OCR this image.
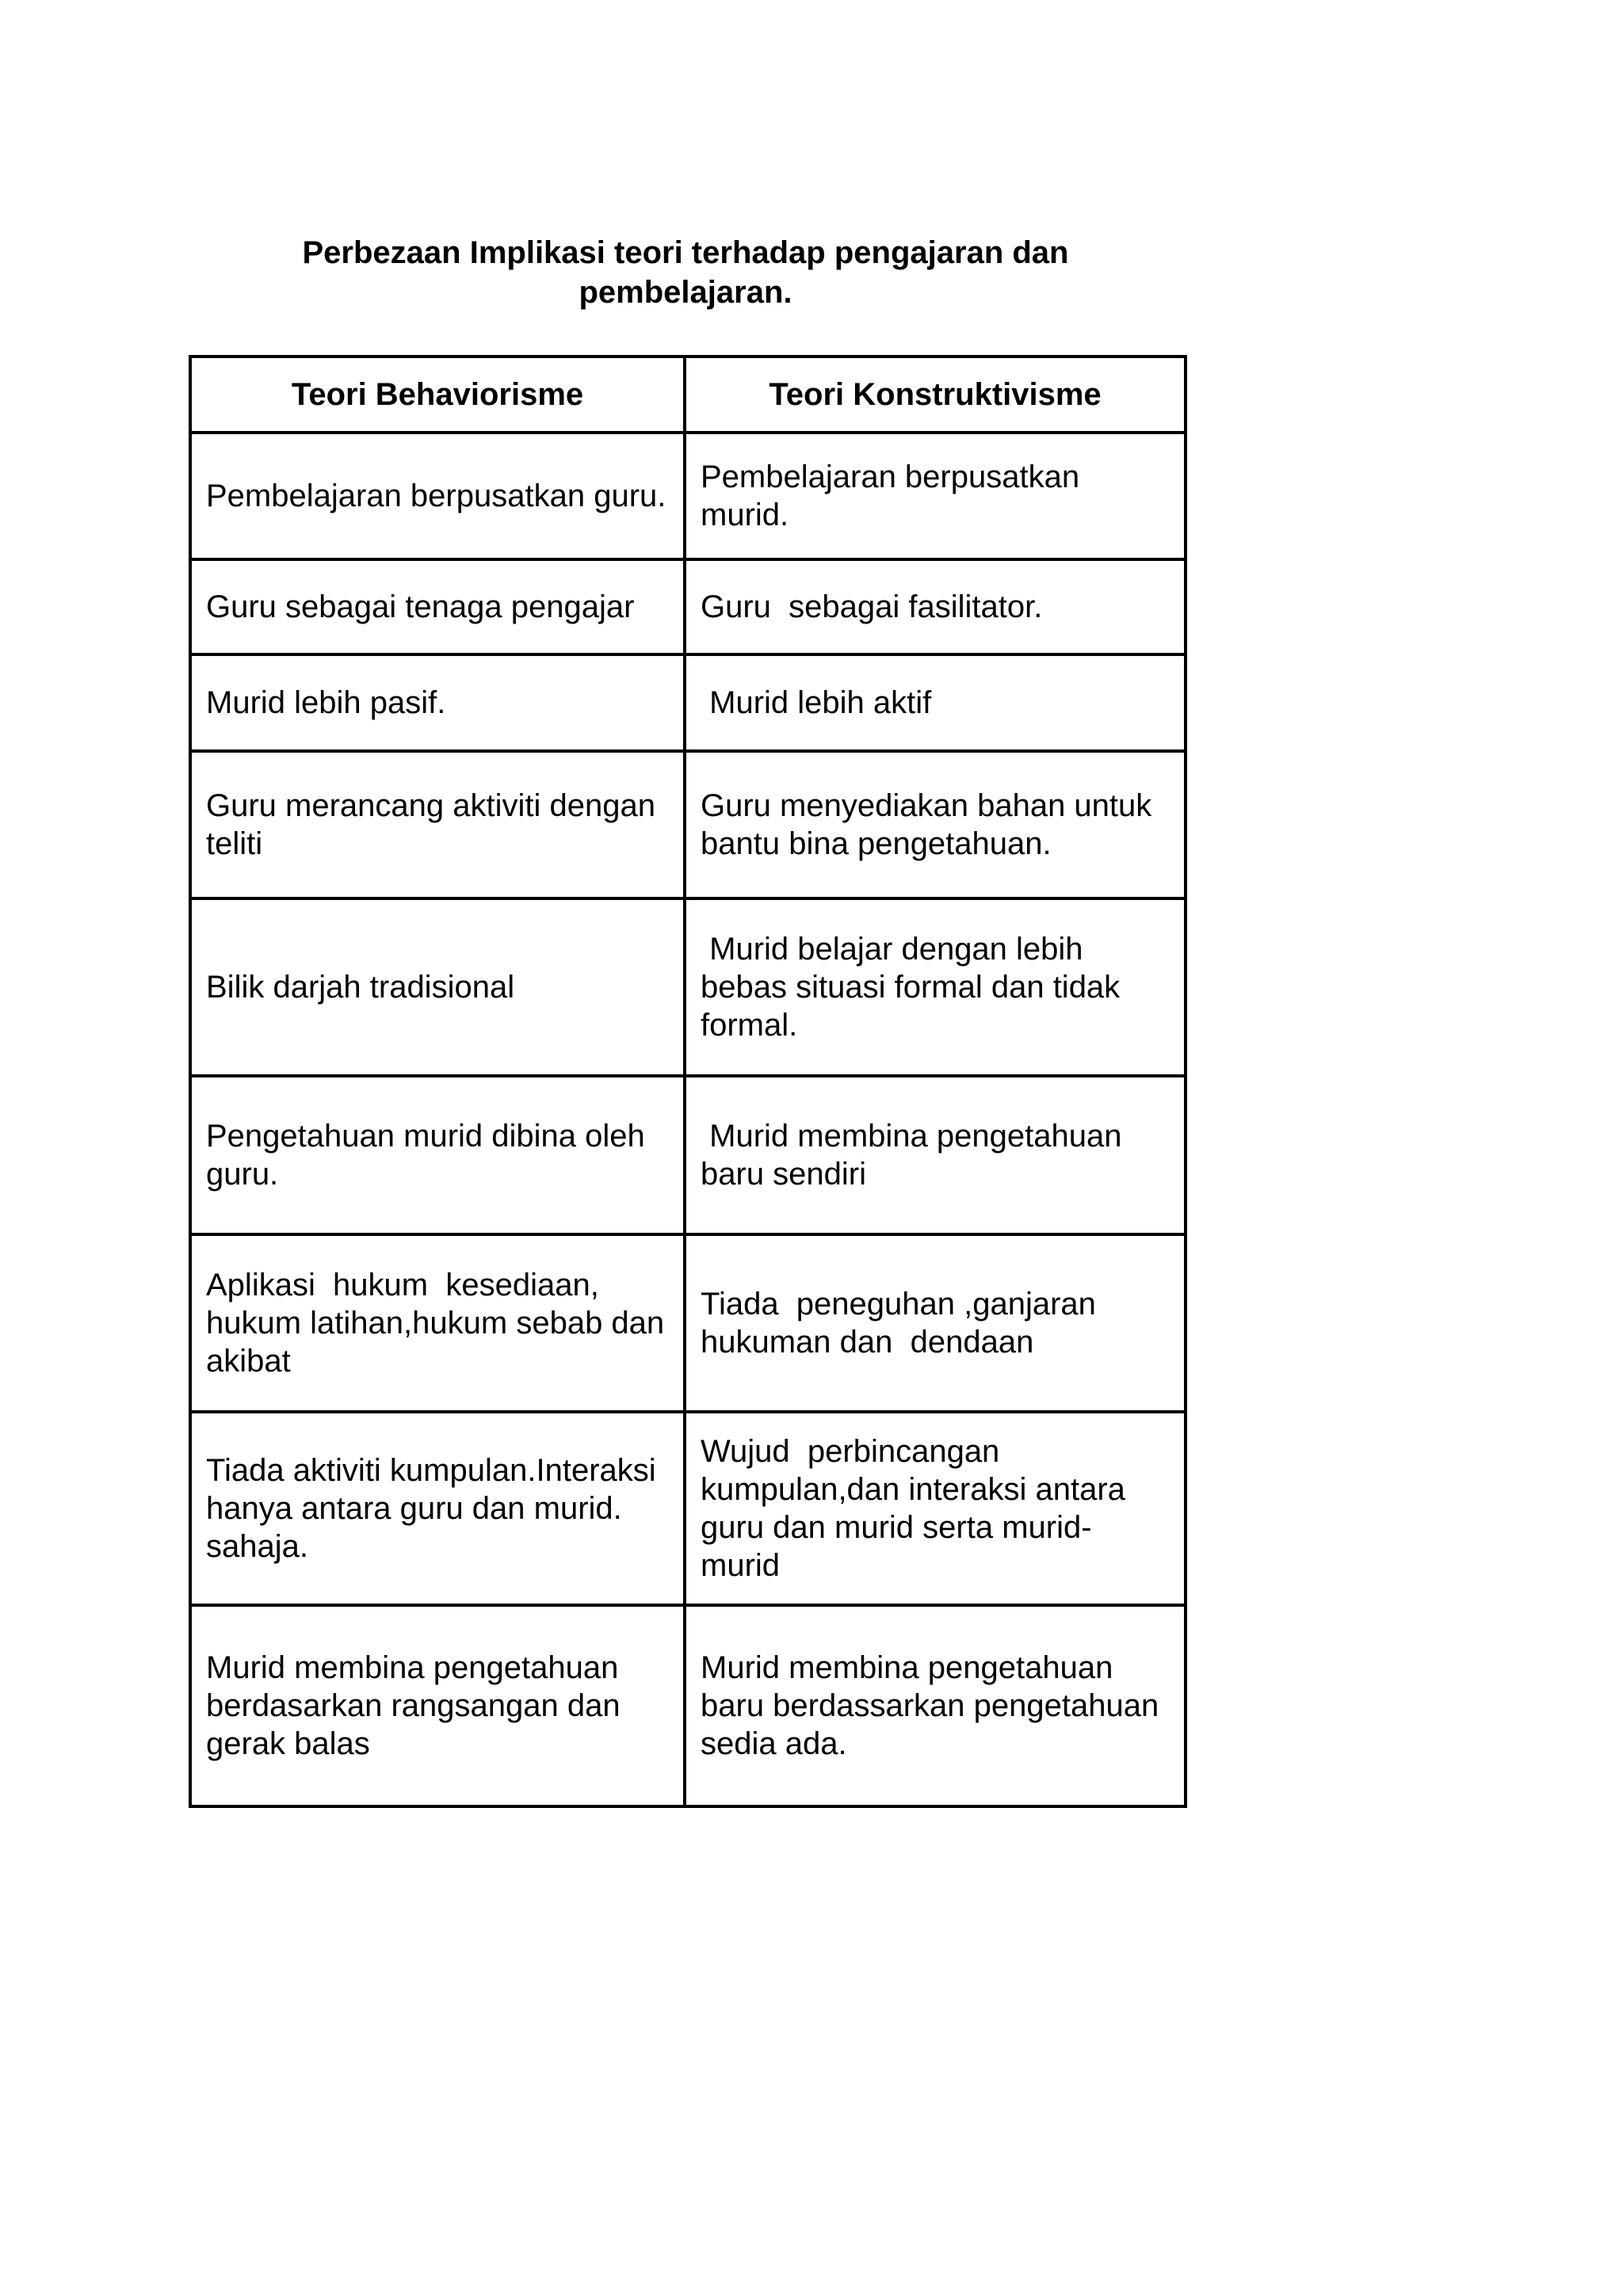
Perbezaan Implikasi teori terhadap pengajaran dan
pembelajaran.
Teori Behaviorisme	Teori Konstruktivisme
Pembelajaran berpusatkan guru.	Pembelajaran berpusatkan murid.
Guru sebagai tenaga pengajar	Guru  sebagai fasilitator.
Murid lebih pasif.	Murid lebih aktif
Guru merancang aktiviti dengan teliti	Guru menyediakan bahan untuk bantu bina pengetahuan.
Bilik darjah tradisional	Murid belajar dengan lebih bebas situasi formal dan tidak formal.
Pengetahuan murid dibina oleh guru.	Murid membina pengetahuan baru sendiri
Aplikasi  hukum  kesediaan, hukum latihan,hukum sebab dan akibat	Tiada  peneguhan ,ganjaran hukuman dan  dendaan
Tiada aktiviti kumpulan.Interaksi hanya antara guru dan murid. sahaja.	Wujud  perbincangan kumpulan,dan interaksi antara guru dan murid serta murid-murid
Murid membina pengetahuan berdasarkan rangsangan dan gerak balas	Murid membina pengetahuan baru berdassarkan pengetahuan sedia ada.
